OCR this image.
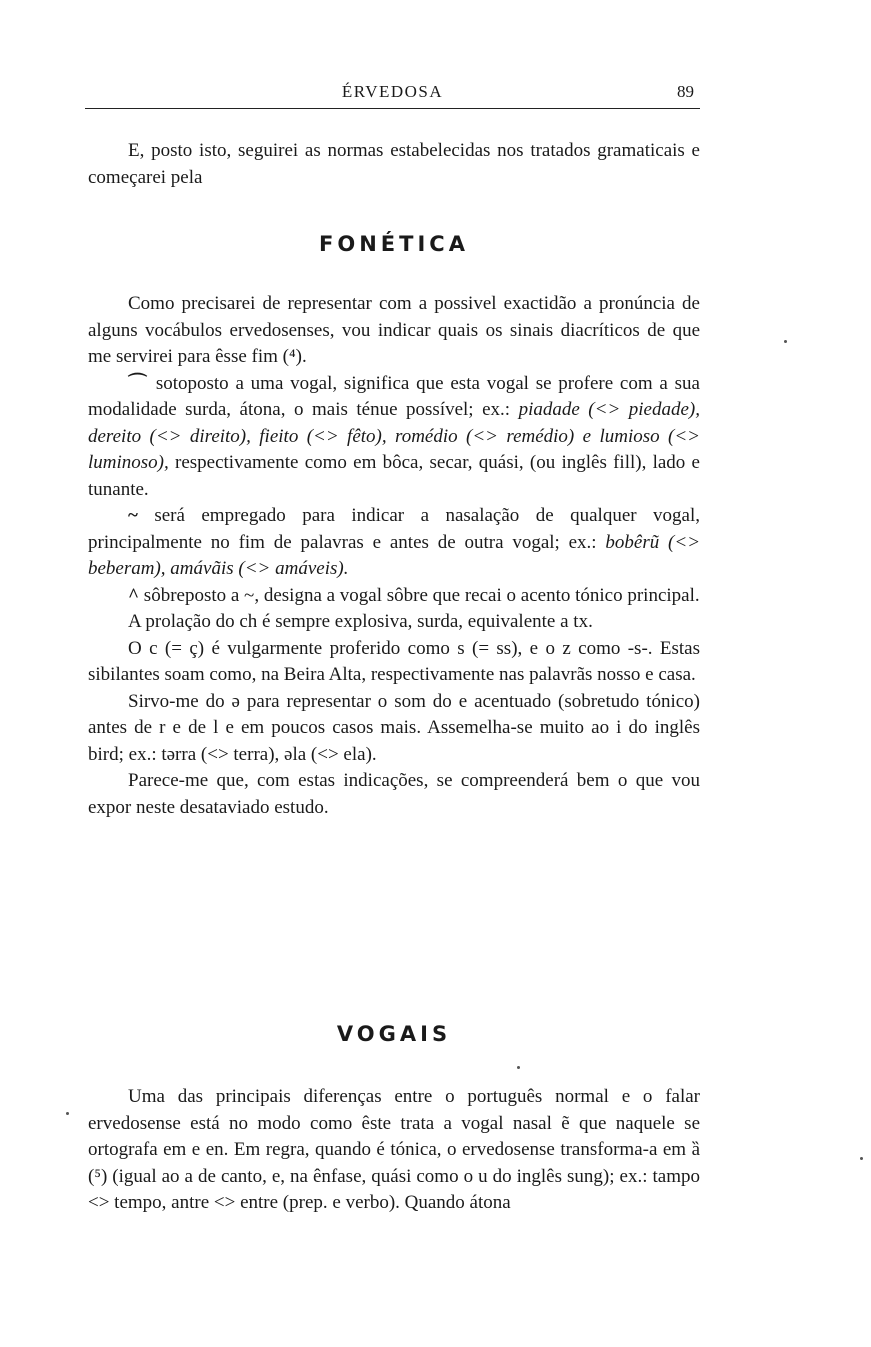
ÉRVEDOSA	89

E, posto isto, seguirei as normas estabelecidas nos tratados gramaticais e começarei pela

FONÉTICA

Como precisarei de representar com a possivel exactidão a pronúncia de alguns vocábulos ervedosenses, vou indicar quais os sinais diacríticos de que me servirei para êsse fim (⁴).

⌒ sotoposto a uma vogal, significa que esta vogal se profere com a sua modalidade surda, átona, o mais ténue possível; ex.: piadade (<> piedade), dereito (<> direito), fieito (<> fêto), romédio (<> remédio) e lumioso (<> luminoso), respectivamente como em bôca, secar, quási, (ou inglês fill), lado e tunante.

~ será empregado para indicar a nasalação de qualquer vogal, principalmente no fim de palavras e antes de outra vogal; ex.: bobêrũ (<> beberam), amávãis (<> amáveis).

^ sôbreposto a ~, designa a vogal sôbre que recai o acento tónico principal.

A prolação do ch é sempre explosiva, surda, equivalente a tx.

O c (= ç) é vulgarmente proferido como s (= ss), e o z como -s-. Estas sibilantes soam como, na Beira Alta, respectivamente nas palavrãs nosso e casa.

Sirvo-me do ə para representar o som do e acentuado (sobretudo tónico) antes de r e de l e em poucos casos mais. Assemelha-se muito ao i do inglês bird; ex.: tərra (<> terra), əla (<> ela).

Parece-me que, com estas indicações, se compreenderá bem o que vou expor neste desataviado estudo.

VOGAIS

Uma das principais diferenças entre o português normal e o falar ervedosense está no modo como êste trata a vogal nasal ẽ que naquele se ortografa em e en. Em regra, quando é tónica, o ervedosense transforma-a em ȁ (⁵) (igual ao a de canto, e, na ênfase, quási como o u do inglês sung); ex.: tampo <> tempo, antre <> entre (prep. e verbo). Quando átona
